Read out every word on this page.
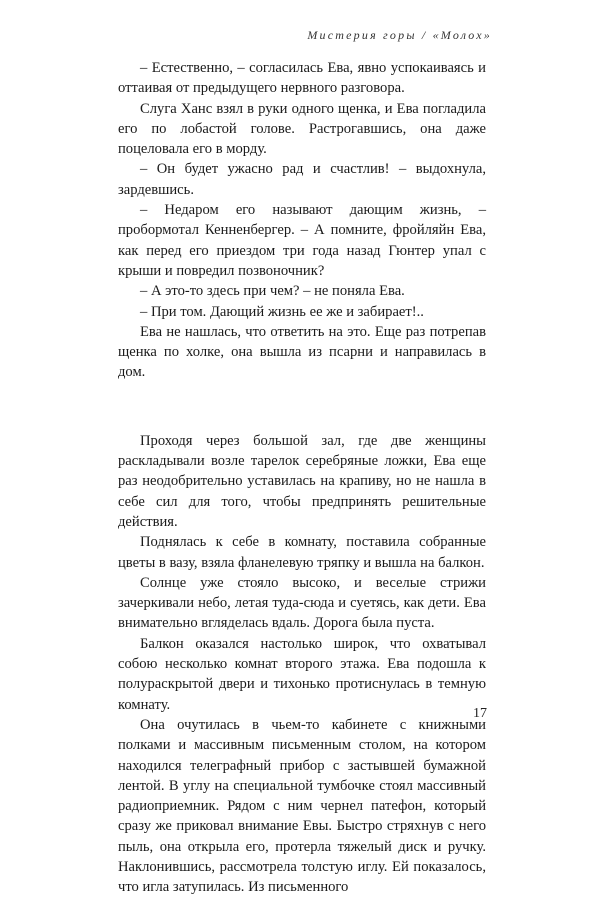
Мистерия горы / «Молох»

– Естественно, – согласилась Ева, явно успокаиваясь и оттаивая от предыдущего нервного разговора.

Слуга Ханс взял в руки одного щенка, и Ева погладила его по лобастой голове. Растрогавшись, она даже поцеловала его в морду.

– Он будет ужасно рад и счастлив! – выдохнула, зардевшись.

– Недаром его называют дающим жизнь, – пробормотал Кенненбергер. – А помните, фройляйн Ева, как перед его приездом три года назад Гюнтер упал с крыши и повредил позвоночник?

– А это-то здесь при чем? – не поняла Ева.

– При том. Дающий жизнь ее же и забирает!..

Ева не нашлась, что ответить на это. Еще раз потрепав щенка по холке, она вышла из псарни и направилась в дом.

Проходя через большой зал, где две женщины раскладывали возле тарелок серебряные ложки, Ева еще раз неодобрительно уставилась на крапиву, но не нашла в себе сил для того, чтобы предпринять решительные действия.

Поднялась к себе в комнату, поставила собранные цветы в вазу, взяла фланелевую тряпку и вышла на балкон.

Солнце уже стояло высоко, и веселые стрижи зачеркивали небо, летая туда-сюда и суетясь, как дети. Ева внимательно вгляделась вдаль. Дорога была пуста.

Балкон оказался настолько широк, что охватывал собою несколько комнат второго этажа. Ева подошла к полураскрытой двери и тихонько протиснулась в темную комнату.

Она очутилась в чьем-то кабинете с книжными полками и массивным письменным столом, на котором находился телеграфный прибор с застывшей бумажной лентой. В углу на специальной тумбочке стоял массивный радиоприемник. Рядом с ним чернел патефон, который сразу же приковал внимание Евы. Быстро стряхнув с него пыль, она открыла его, протерла тяжелый диск и ручку. Наклонившись, рассмотрела толстую иглу. Ей показалось, что игла затупилась. Из письменного

17
